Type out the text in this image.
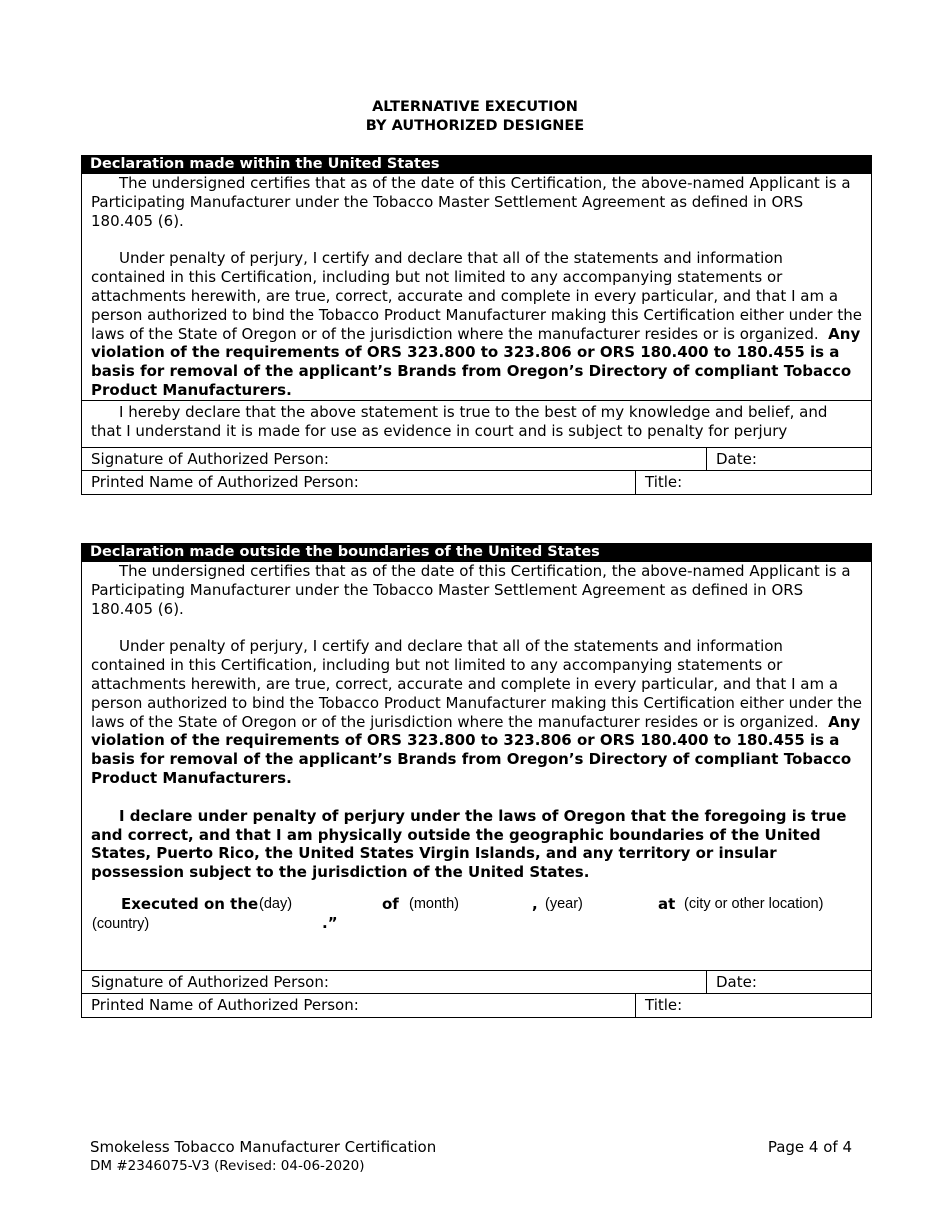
ALTERNATIVE EXECUTION
BY AUTHORIZED DESIGNEE
Declaration made within the United States

The undersigned certifies that as of the date of this Certification, the above-named Applicant is a Participating Manufacturer under the Tobacco Master Settlement Agreement as defined in ORS 180.405 (6).

Under penalty of perjury, I certify and declare that all of the statements and information contained in this Certification, including but not limited to any accompanying statements or attachments herewith, are true, correct, accurate and complete in every particular, and that I am a person authorized to bind the Tobacco Product Manufacturer making this Certification either under the laws of the State of Oregon or of the jurisdiction where the manufacturer resides or is organized. Any violation of the requirements of ORS 323.800 to 323.806 or ORS 180.400 to 180.455 is a basis for removal of the applicant’s Brands from Oregon’s Directory of compliant Tobacco Product Manufacturers.

I hereby declare that the above statement is true to the best of my knowledge and belief, and that I understand it is made for use as evidence in court and is subject to penalty for perjury

Signature of Authorized Person:	Date:
Printed Name of Authorized Person:	Title:
Declaration made outside the boundaries of the United States

The undersigned certifies that as of the date of this Certification, the above-named Applicant is a Participating Manufacturer under the Tobacco Master Settlement Agreement as defined in ORS 180.405 (6).

Under penalty of perjury, I certify and declare that all of the statements and information contained in this Certification, including but not limited to any accompanying statements or attachments herewith, are true, correct, accurate and complete in every particular, and that I am a person authorized to bind the Tobacco Product Manufacturer making this Certification either under the laws of the State of Oregon or of the jurisdiction where the manufacturer resides or is organized. Any violation of the requirements of ORS 323.800 to 323.806 or ORS 180.400 to 180.455 is a basis for removal of the applicant’s Brands from Oregon’s Directory of compliant Tobacco Product Manufacturers.

I declare under penalty of perjury under the laws of Oregon that the foregoing is true and correct, and that I am physically outside the geographic boundaries of the United States, Puerto Rico, the United States Virgin Islands, and any territory or insular possession subject to the jurisdiction of the United States.

Executed on the (day)	of (month)	, (year)	at (city or other location)
(country)	.”
Signature of Authorized Person:	Date:
Printed Name of Authorized Person:	Title:
Smokeless Tobacco Manufacturer Certification
DM #2346075-V3 (Revised: 04-06-2020)
Page 4 of 4
